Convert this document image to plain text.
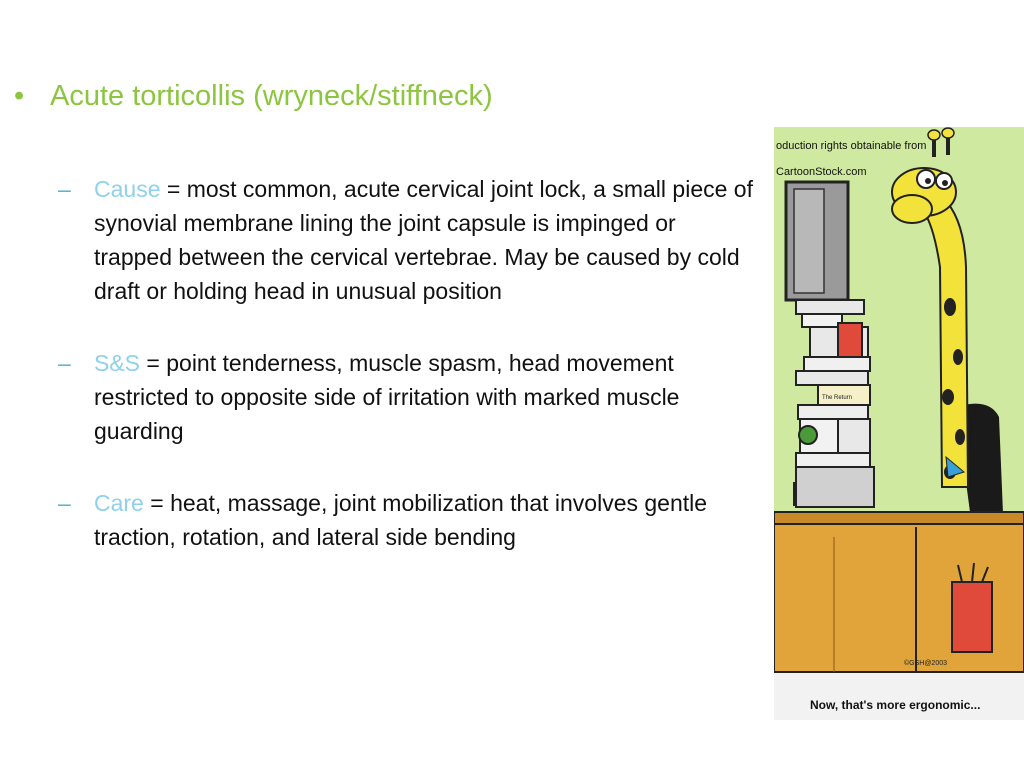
• Acute torticollis (wryneck/stiffneck)
– Cause = most common, acute cervical joint lock, a small piece of synovial membrane lining the joint capsule is impinged or trapped between the cervical vertebrae. May be caused by cold draft or holding head in unusual position
– S&S = point tenderness, muscle spasm, head movement restricted to opposite side of irritation with marked muscle guarding
– Care = heat, massage, joint mobilization that involves gentle traction, rotation, and lateral side bending
oduction rights obtainable from
CartoonStock.com
The Return
©GSH@2003
Now, that's more ergonomic...
